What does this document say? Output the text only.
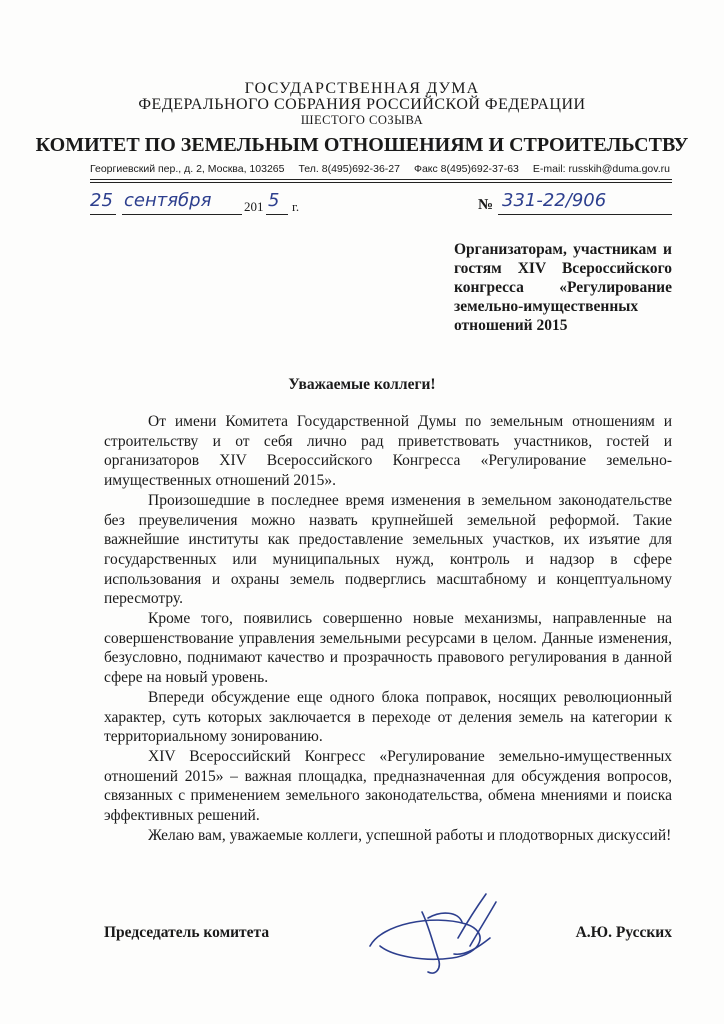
ГОСУДАРСТВЕННАЯ ДУМА
ФЕДЕРАЛЬНОГО СОБРАНИЯ РОССИЙСКОЙ ФЕДЕРАЦИИ
ШЕСТОГО СОЗЫВА
КОМИТЕТ ПО ЗЕМЕЛЬНЫМ ОТНОШЕНИЯМ И СТРОИТЕЛЬСТВУ
Георгиевский пер., д. 2, Москва, 103265 Тел. 8(495)692-36-27 Факс 8(495)692-37-63 E-mail: russkih@duma.gov.ru
25 сентября	201 5 г.	№ 331-22/906
Организаторам, участникам и гостям XIV Всероссийского конгресса «Регулирование земельно-имущественных отношений 2015
Уважаемые коллеги!

От имени Комитета Государственной Думы по земельным отношениям и строительству и от себя лично рад приветствовать участников, гостей и организаторов XIV Всероссийского Конгресса «Регулирование земельно-имущественных отношений 2015».

Произошедшие в последнее время изменения в земельном законодательстве без преувеличения можно назвать крупнейшей земельной реформой. Такие важнейшие институты как предоставление земельных участков, их изъятие для государственных или муниципальных нужд, контроль и надзор в сфере использования и охраны земель подверглись масштабному и концептуальному пересмотру.

Кроме того, появились совершенно новые механизмы, направленные на совершенствование управления земельными ресурсами в целом. Данные изменения, безусловно, поднимают качество и прозрачность правового регулирования в данной сфере на новый уровень.

Впереди обсуждение еще одного блока поправок, носящих революционный характер, суть которых заключается в переходе от деления земель на категории к территориальному зонированию.

XIV Всероссийский Конгресс «Регулирование земельно-имущественных отношений 2015» – важная площадка, предназначенная для обсуждения вопросов, связанных с применением земельного законодательства, обмена мнениями и поиска эффективных решений.

Желаю вам, уважаемые коллеги, успешной работы и плодотворных дискуссий!

Председатель комитета	А.Ю. Русских
